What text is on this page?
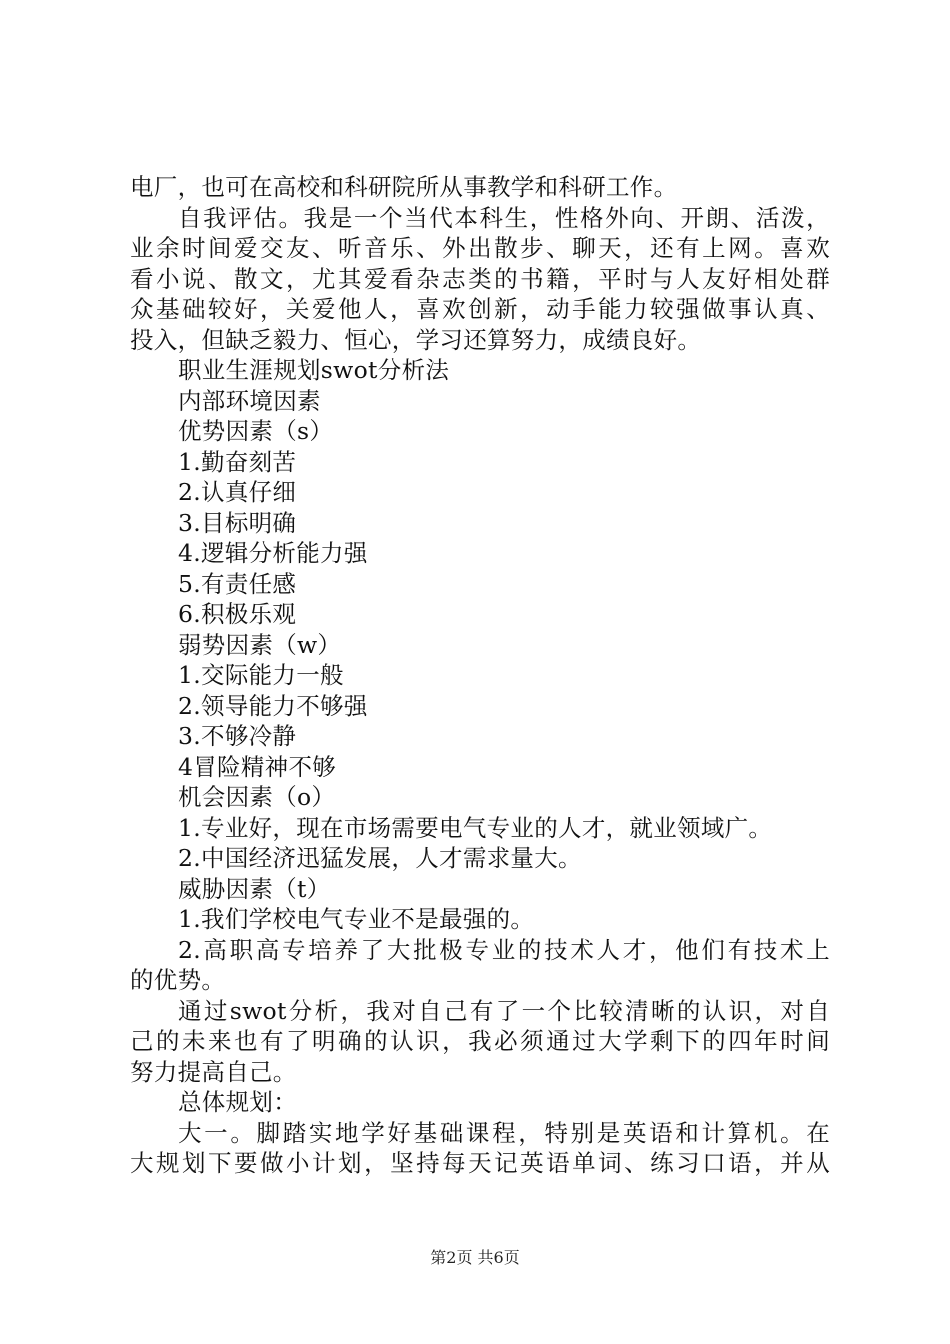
电厂，也可在高校和科研院所从事教学和科研工作。
自我评估。我是一个当代本科生，性格外向、开朗、活泼，
业余时间爱交友、听音乐、外出散步、聊天，还有上网。喜欢
看小说、散文，尤其爱看杂志类的书籍，平时与人友好相处群
众基础较好，关爱他人，喜欢创新，动手能力较强做事认真、
投入，但缺乏毅力、恒心，学习还算努力，成绩良好。
职业生涯规划swot分析法
内部环境因素
优势因素（s）
1.勤奋刻苦
2.认真仔细
3.目标明确
4.逻辑分析能力强
5.有责任感
6.积极乐观
弱势因素（w）
1.交际能力一般
2.领导能力不够强
3.不够冷静
4冒险精神不够
机会因素（o）
1.专业好，现在市场需要电气专业的人才，就业领域广。
2.中国经济迅猛发展，人才需求量大。
威胁因素（t）
1.我们学校电气专业不是最强的。
2.高职高专培养了大批极专业的技术人才，他们有技术上
的优势。
通过swot分析，我对自己有了一个比较清晰的认识，对自
己的未来也有了明确的认识，我必须通过大学剩下的四年时间
努力提高自己。
总体规划：
大一。脚踏实地学好基础课程，特别是英语和计算机。在
大规划下要做小计划，坚持每天记英语单词、练习口语，并从
第2页 共6页
